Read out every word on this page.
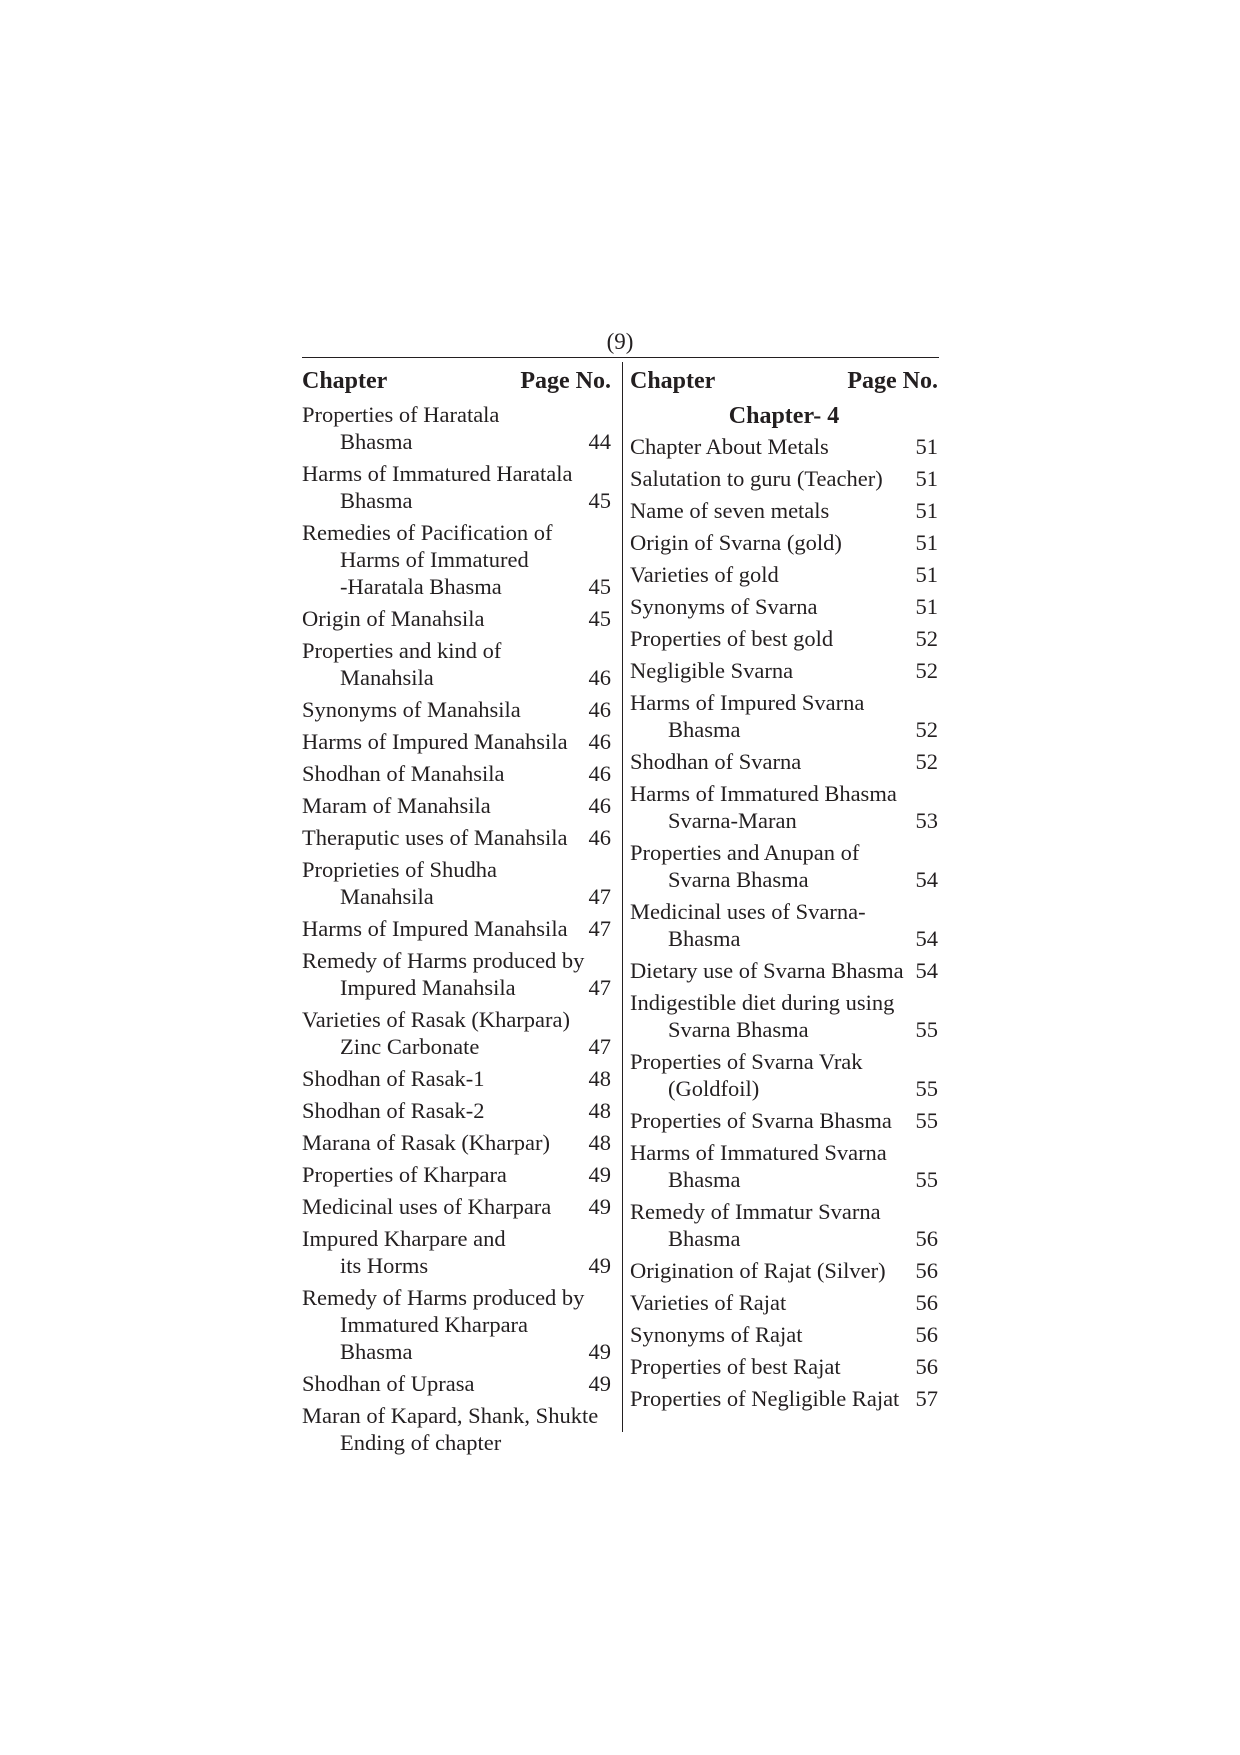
(9)
Chapter	Page No.
Properties of Haratala
Bhasma	44
Harms of Immatured Haratala
Bhasma	45
Remedies of Pacification of
Harms of Immatured
-Haratala Bhasma	45
Origin of Manahsila	45
Properties and kind of
Manahsila	46
Synonyms of Manahsila	46
Harms of Impured Manahsila 46
Shodhan of Manahsila	46
Maram of Manahsila	46
Theraputic uses of Manahsila 46
Proprieties of Shudha
Manahsila	47
Harms of Impured Manahsila 47
Remedy of Harms produced by
Impured Manahsila	47
Varieties of Rasak (Kharpara)
Zinc Carbonate	47
Shodhan of Rasak-1	48
Shodhan of Rasak-2	48
Marana of Rasak (Kharpar) 48
Properties of Kharpara	49
Medicinal uses of Kharpara 49
Impured Kharpare and
its Horms	49
Remedy of Harms produced by
Immatured Kharpara
Bhasma	49
Shodhan of Uprasa	49
Maran of Kapard, Shank, Shukte
Ending of chapter
Chapter	Page No.
Chapter- 4
Chapter About Metals	51
Salutation to guru (Teacher) 51
Name of seven metals	51
Origin of Svarna (gold)	51
Varieties of gold	51
Synonyms of Svarna	51
Properties of best gold	52
Negligible Svarna	52
Harms of Impured Svarna
Bhasma	52
Shodhan of Svarna	52
Harms of Immatured Bhasma
Svarna-Maran	53
Properties and Anupan of
Svarna Bhasma	54
Medicinal uses of Svarna-
Bhasma	54
Dietary use of Svarna Bhasma 54
Indigestible diet during using
Svarna Bhasma	55
Properties of Svarna Vrak
(Goldfoil)	55
Properties of Svarna Bhasma 55
Harms of Immatured Svarna
Bhasma	55
Remedy of Immatur Svarna
Bhasma	56
Origination of Rajat (Silver) 56
Varieties of Rajat	56
Synonyms of Rajat	56
Properties of best Rajat	56
Properties of Negligible Rajat 57
